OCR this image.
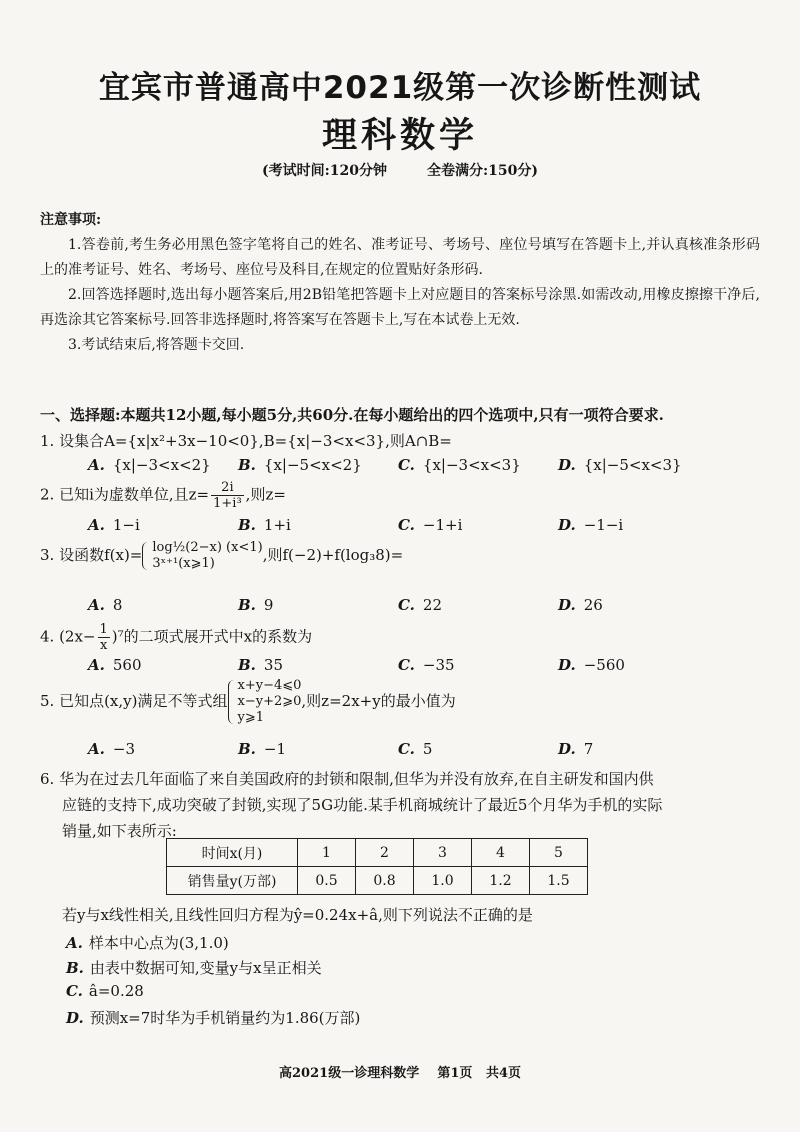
宜宾市普通高中2021级第一次诊断性测试
理科数学
(考试时间:120分钟	全卷满分:150分)
注意事项:

1.答卷前,考生务必用黑色签字笔将自己的姓名、准考证号、考场号、座位号填写在答题卡上,并认真核准条形码上的准考证号、姓名、考场号、座位号及科目,在规定的位置贴好条形码.

2.回答选择题时,选出每小题答案后,用2B铅笔把答题卡上对应题目的答案标号涂黑.如需改动,用橡皮擦擦干净后,再选涂其它答案标号.回答非选择题时,将答案写在答题卡上,写在本试卷上无效.

3.考试结束后,将答题卡交回.

一、选择题:本题共12小题,每小题5分,共60分.在每小题给出的四个选项中,只有一项符合要求.
1. 设集合A={x|x²+3x−10<0},B={x|−3<x<3},则A∩B=
A. {x|−3<x<2} B. {x|−5<x<2} C. {x|−3<x<3} D. {x|−5<x<3}
2. 已知i为虚数单位,且$z= \frac{2i}{\text{1+i³}}$ ,则z=
A. 1−i	B. 1+i	C. −1+i	D. −1−i
3. 设函数f(x)= log½(2−x) (x<1)
3ˣ⁺¹(x⩾1)	,则f(−2)+f(log₃8)=
A. 8	B. 9	C. 22	D. 26
4. $(2x- \frac{1}{x} )^7$的二项式展开式中x的系数为
A. 560	B. 35	C. −35	D. −560
5. 已知点(x,y)满足不等式组
x+y−4⩽0
x−y+2⩾0
y⩾1
,则z=2x+y的最小值为
A. −3	B. −1	C. 5	D. 7

6. 华为在过去几年面临了来自美国政府的封锁和限制,但华为并没有放弃,在自主研发和国内供

应链的支持下,成功突破了封锁,实现了5G功能.某手机商城统计了最近5个月华为手机的实际

销量,如下表所示:

时间x(月)	1	2	3	4	5
销售量y(万部)	0.5	0.8	1.0	1.2	1.5
若y与x线性相关,且线性回归方程为ŷ=0.24x+â,则下列说法不正确的是
A. 样本中心点为(3,1.0)
B. 由表中数据可知,变量y与x呈正相关
C. â=0.28
D. 预测x=7时华为手机销量约为1.86(万部)
高2021级一诊理科数学 第1页 共4页
